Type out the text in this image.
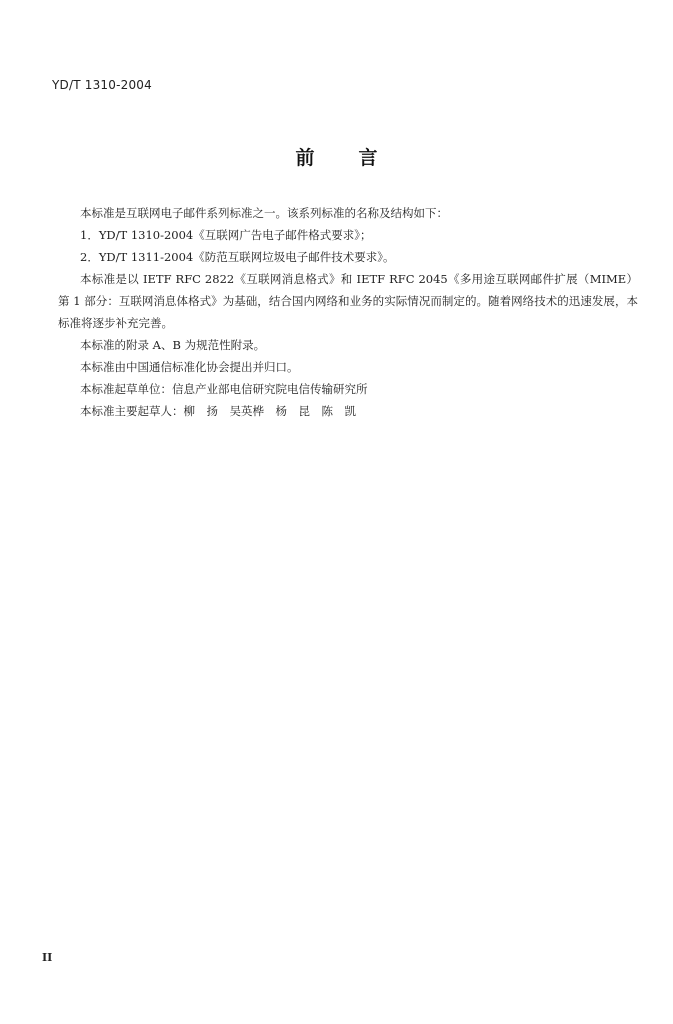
YD/T 1310-2004
前言

本标准是互联网电子邮件系列标准之一。该系列标准的名称及结构如下：

1．YD/T 1310-2004《互联网广告电子邮件格式要求》；

2．YD/T 1311-2004《防范互联网垃圾电子邮件技术要求》。

本标准是以 IETF RFC 2822《互联网消息格式》和 IETF RFC 2045《多用途互联网邮件扩展（MIME）第 1 部分：互联网消息体格式》为基础，结合国内网络和业务的实际情况而制定的。随着网络技术的迅速发展，本标准将逐步补充完善。

本标准的附录 A、B 为规范性附录。

本标准由中国通信标准化协会提出并归口。

本标准起草单位：信息产业部电信研究院电信传输研究所

本标准主要起草人：柳　扬　吴英桦　杨　昆　陈　凯

II
